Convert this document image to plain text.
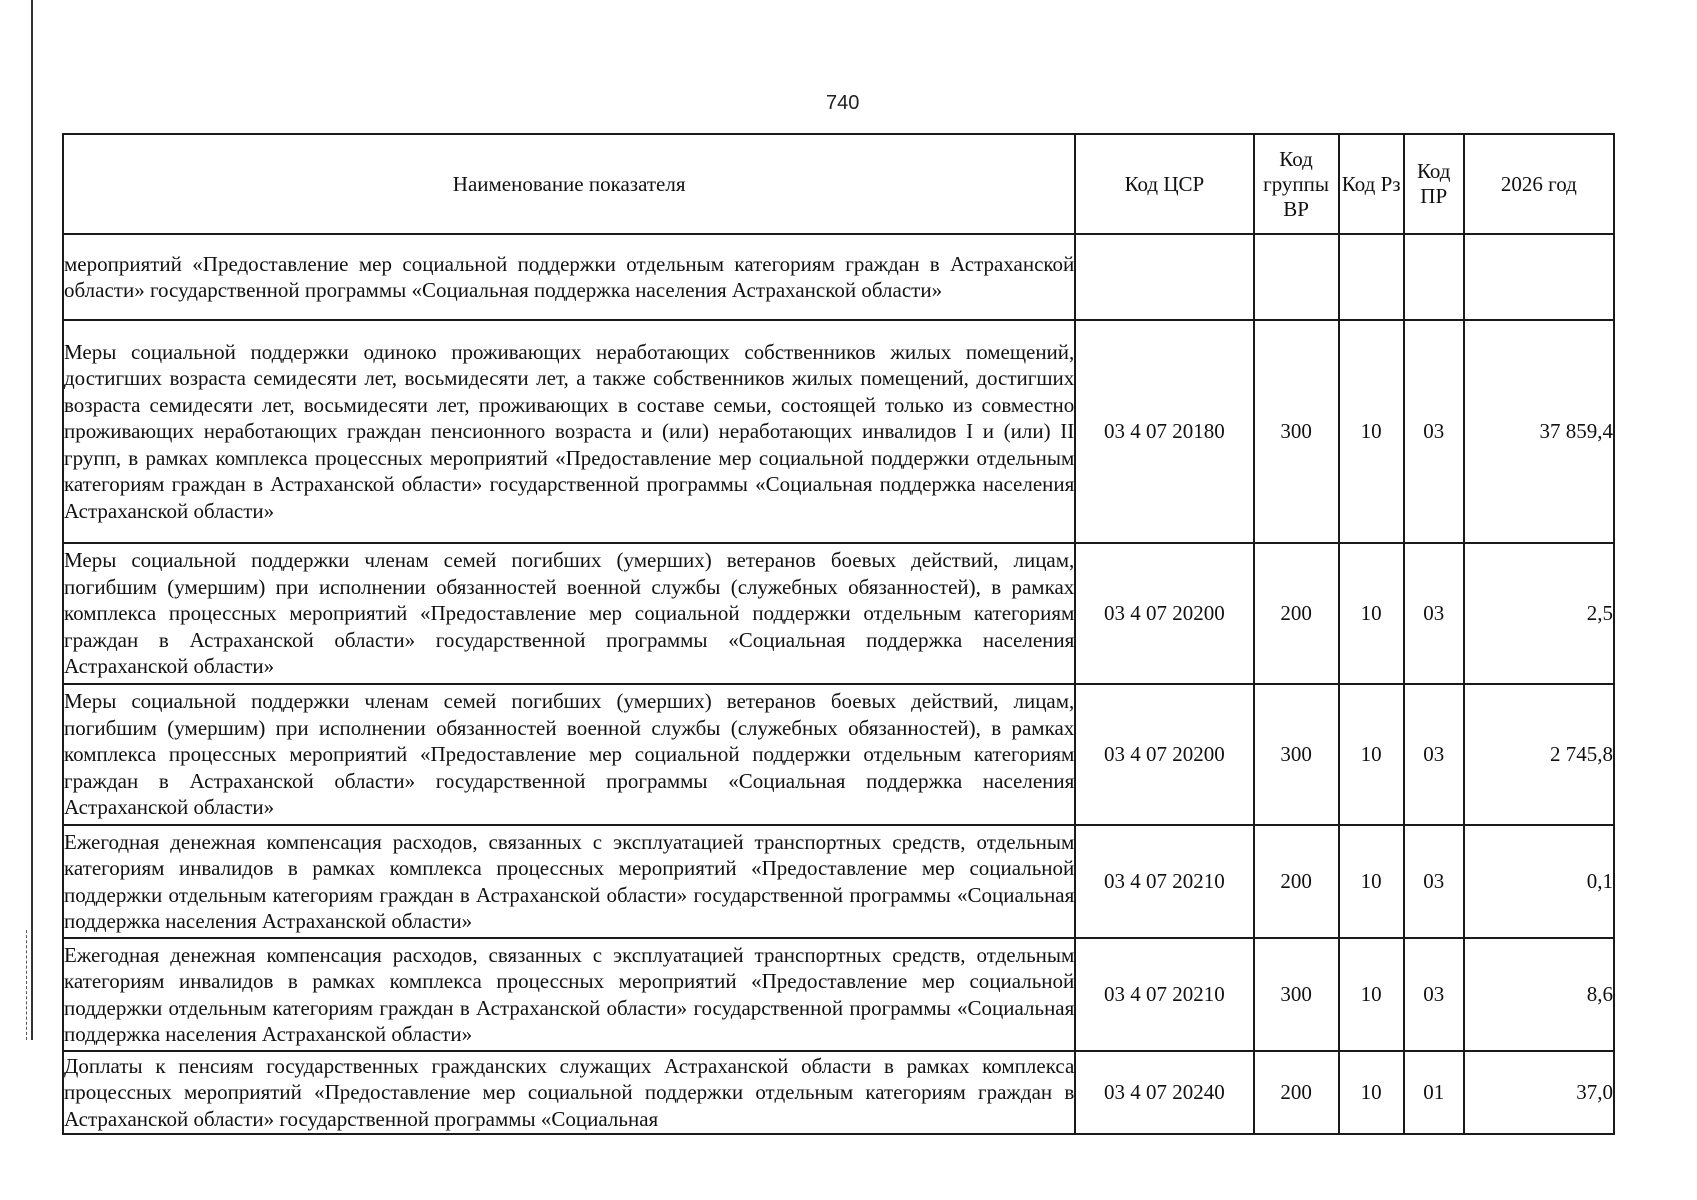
740
Наименование показателя	Код ЦСР	Код группы ВР	Код Рз	Код ПР	2026 год
мероприятий «Предоставление мер социальной поддержки отдельным категориям граждан в Астраханской области» государственной программы «Социальная поддержка населения Астраханской области»					
Меры социальной поддержки одиноко проживающих неработающих собственников жилых помещений, достигших возраста семидесяти лет, восьмидесяти лет, а также собственников жилых помещений, достигших возраста семидесяти лет, восьмидесяти лет, проживающих в составе семьи, состоящей только из совместно проживающих неработающих граждан пенсионного возраста и (или) неработающих инвалидов I и (или) II групп, в рамках комплекса процессных мероприятий «Предоставление мер социальной поддержки отдельным категориям граждан в Астраханской области» государственной программы «Социальная поддержка населения Астраханской области»	03 4 07 20180	300	10	03	37 859,4
Меры социальной поддержки членам семей погибших (умерших) ветеранов боевых действий, лицам, погибшим (умершим) при исполнении обязанностей военной службы (служебных обязанностей), в рамках комплекса процессных мероприятий «Предоставление мер социальной поддержки отдельным категориям граждан в Астраханской области» государственной программы «Социальная поддержка населения Астраханской области»	03 4 07 20200	200	10	03	2,5
Меры социальной поддержки членам семей погибших (умерших) ветеранов боевых действий, лицам, погибшим (умершим) при исполнении обязанностей военной службы (служебных обязанностей), в рамках комплекса процессных мероприятий «Предоставление мер социальной поддержки отдельным категориям граждан в Астраханской области» государственной программы «Социальная поддержка населения Астраханской области»	03 4 07 20200	300	10	03	2 745,8
Ежегодная денежная компенсация расходов, связанных с эксплуатацией транспортных средств, отдельным категориям инвалидов в рамках комплекса процессных мероприятий «Предоставление мер социальной поддержки отдельным категориям граждан в Астраханской области» государственной программы «Социальная поддержка населения Астраханской области»	03 4 07 20210	200	10	03	0,1
Ежегодная денежная компенсация расходов, связанных с эксплуатацией транспортных средств, отдельным категориям инвалидов в рамках комплекса процессных мероприятий «Предоставление мер социальной поддержки отдельным категориям граждан в Астраханской области» государственной программы «Социальная поддержка населения Астраханской области»	03 4 07 20210	300	10	03	8,6
Доплаты к пенсиям государственных гражданских служащих Астраханской области в рамках комплекса процессных мероприятий «Предоставление мер социальной поддержки отдельным категориям граждан в Астраханской области» государственной программы «Социальная	03 4 07 20240	200	10	01	37,0
